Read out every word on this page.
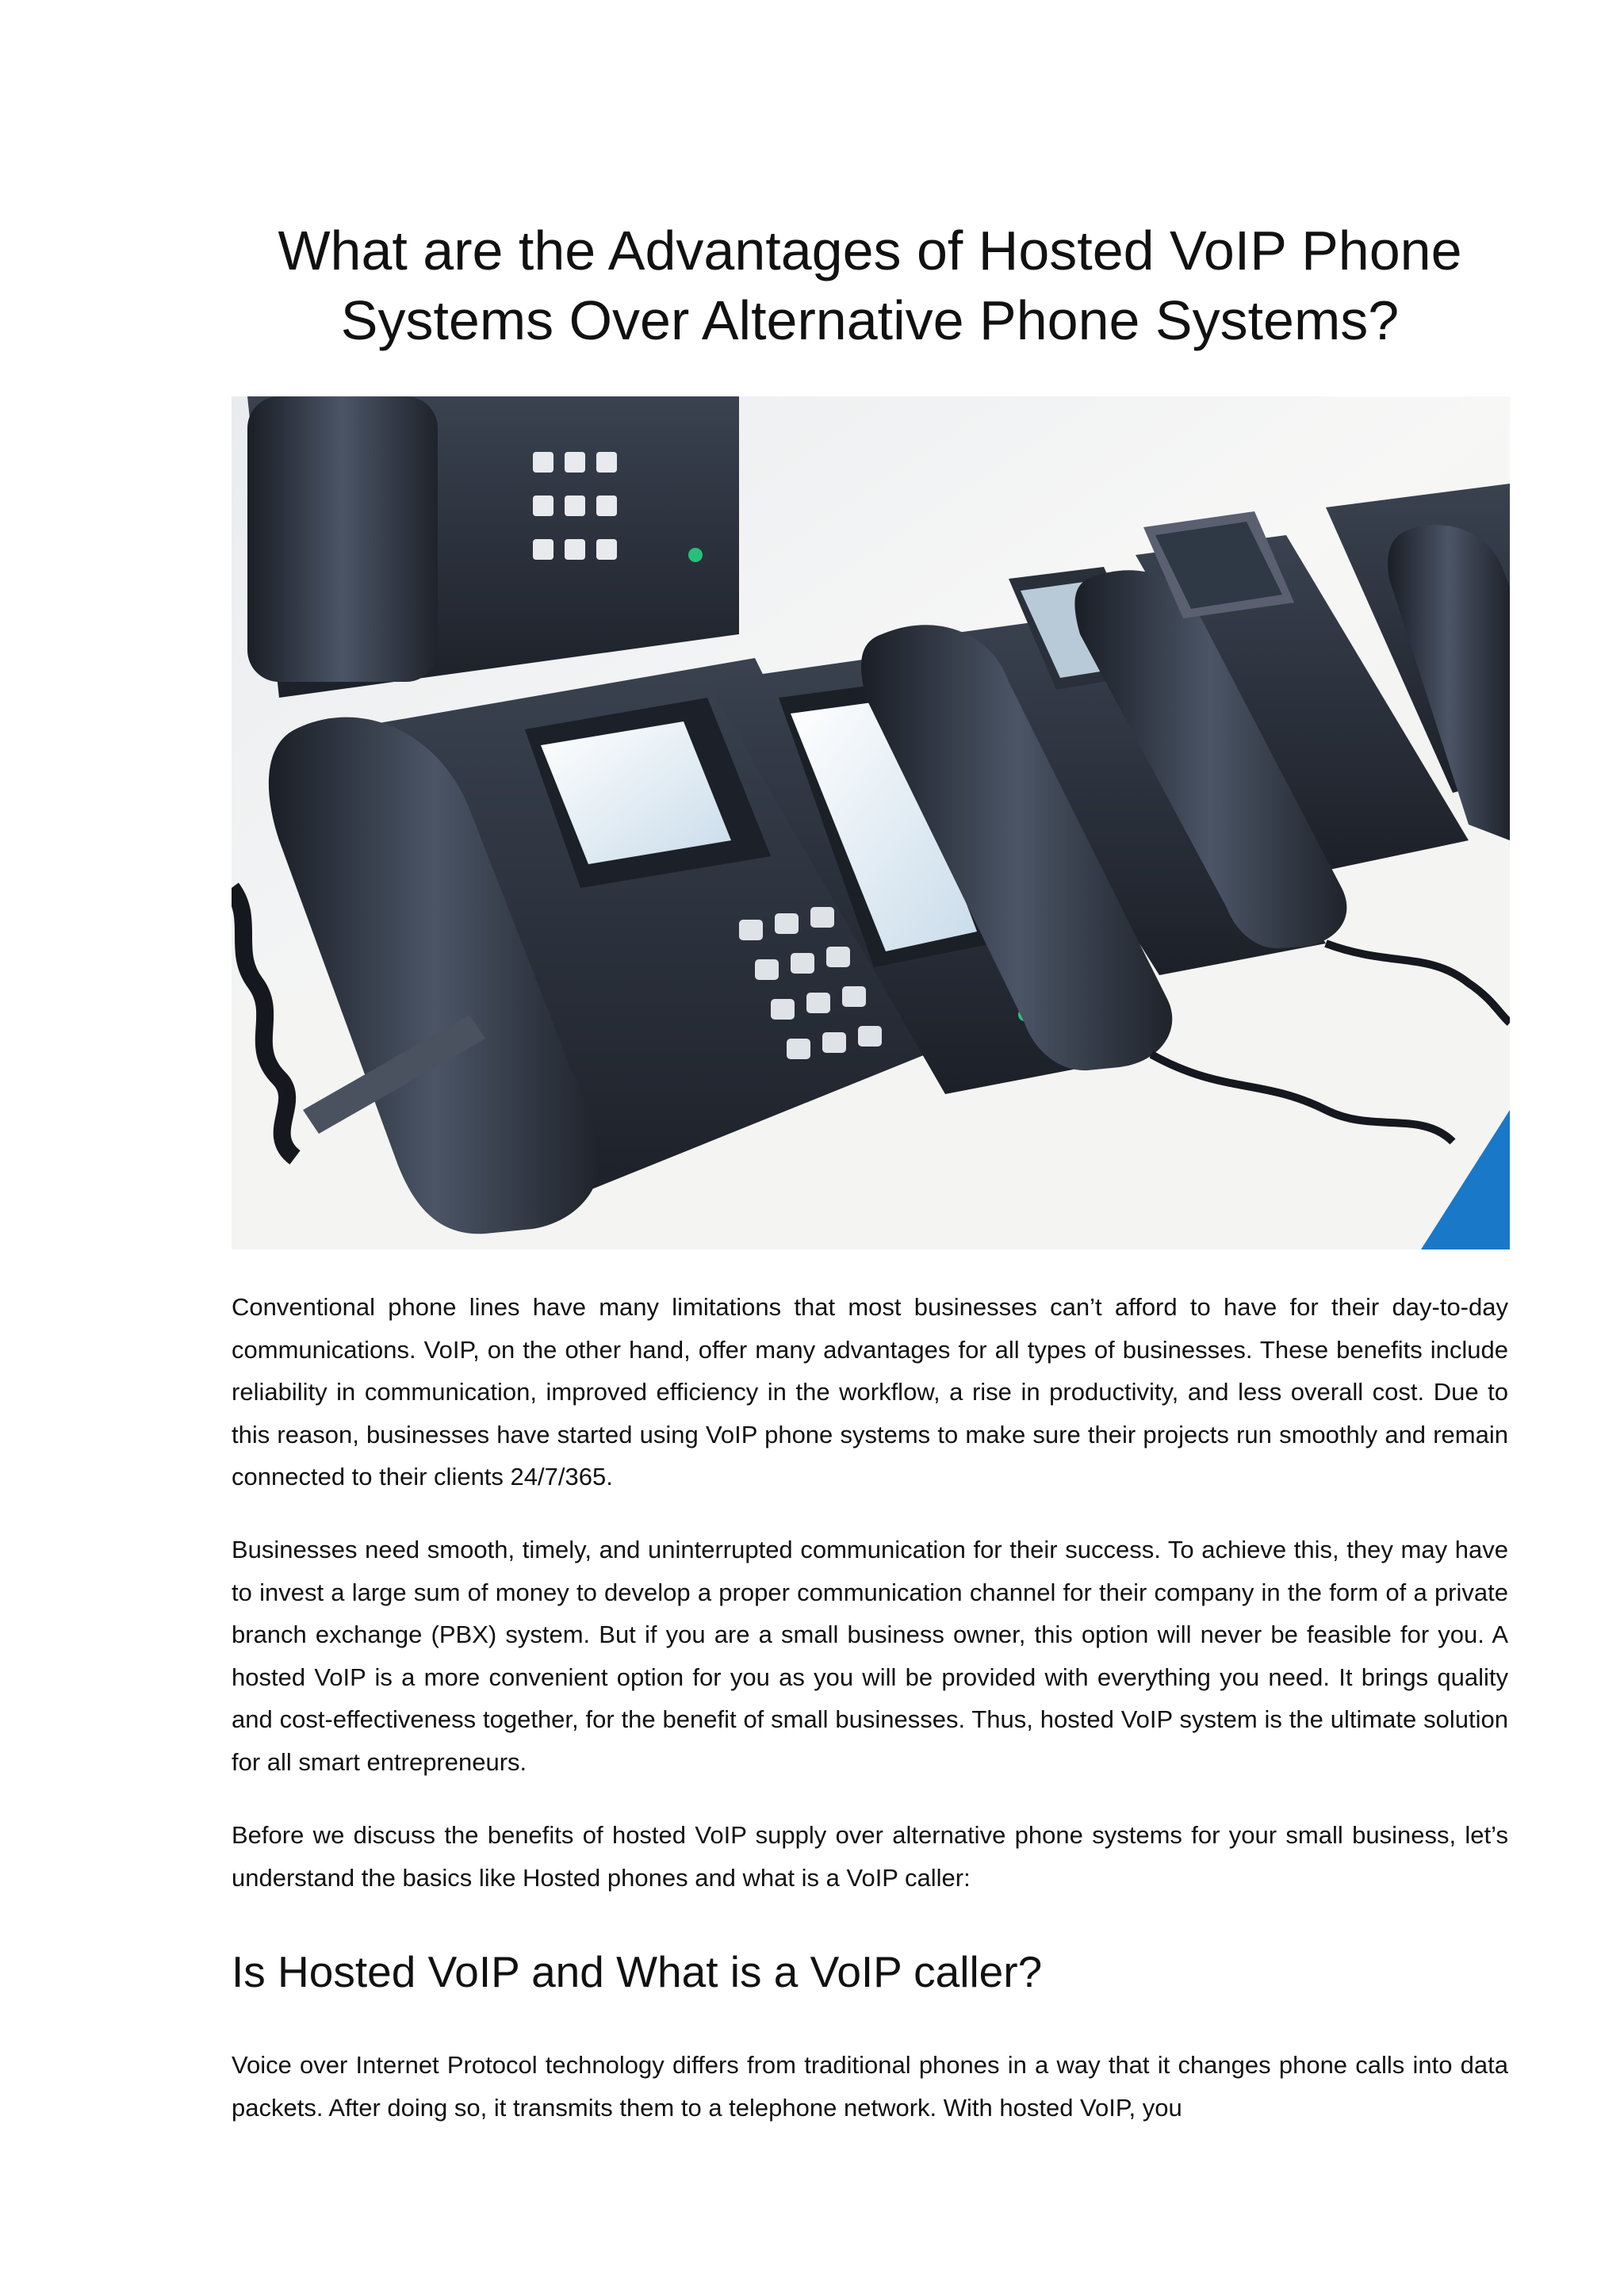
What are the Advantages of Hosted VoIP Phone Systems Over Alternative Phone Systems?

Conventional phone lines have many limitations that most businesses can’t afford to have for their day-to-day communications. VoIP, on the other hand, offer many advantages for all types of businesses. These benefits include reliability in communication, improved efficiency in the workflow, a rise in productivity, and less overall cost. Due to this reason, businesses have started using VoIP phone systems to make sure their projects run smoothly and remain connected to their clients 24/7/365.

Businesses need smooth, timely, and uninterrupted communication for their success. To achieve this, they may have to invest a large sum of money to develop a proper communication channel for their company in the form of a private branch exchange (PBX) system. But if you are a small business owner, this option will never be feasible for you. A hosted VoIP is a more convenient option for you as you will be provided with everything you need. It brings quality and cost-effectiveness together, for the benefit of small businesses. Thus, hosted VoIP system is the ultimate solution for all smart entrepreneurs.

Before we discuss the benefits of hosted VoIP supply over alternative phone systems for your small business, let’s understand the basics like Hosted phones and what is a VoIP caller:

Is Hosted VoIP and What is a VoIP caller?

Voice over Internet Protocol technology differs from traditional phones in a way that it changes phone calls into data packets. After doing so, it transmits them to a telephone network. With hosted VoIP, you
